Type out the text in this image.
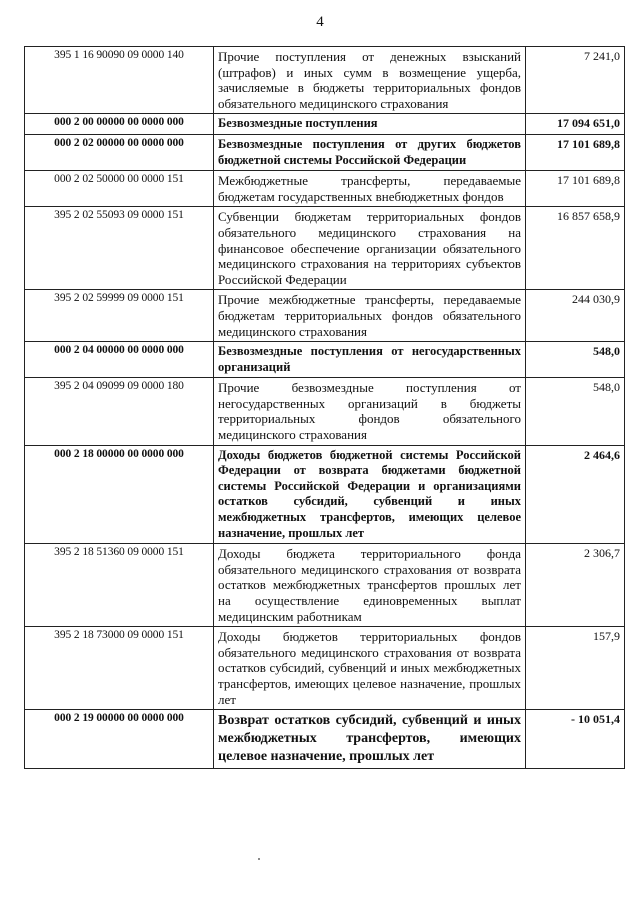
4
395 1 16 90090 09 0000 140	Прочие поступления от денежных взысканий (штрафов) и иных сумм в возмещение ущерба, зачисляемые в бюджеты территориальных фондов обязательного медицинского страхования	7 241,0
000 2 00 00000 00 0000 000	Безвозмездные поступления	17 094 651,0
000 2 02 00000 00 0000 000	Безвозмездные поступления от других бюджетов бюджетной системы Российской Федерации	17 101 689,8
000 2 02 50000 00 0000 151	Межбюджетные трансферты, передаваемые бюджетам государственных внебюджетных фондов	17 101 689,8
395 2 02 55093 09 0000 151	Субвенции бюджетам территориальных фондов обязательного медицинского страхования на финансовое обеспечение организации обязательного медицинского страхования на территориях субъектов Российской Федерации	16 857 658,9
395 2 02 59999 09 0000 151	Прочие межбюджетные трансферты, передаваемые бюджетам территориальных фондов обязательного медицинского страхования	244 030,9
000 2 04 00000 00 0000 000	Безвозмездные поступления от негосударственных организаций	548,0
395 2 04 09099 09 0000 180	Прочие безвозмездные поступления от негосударственных организаций в бюджеты территориальных фондов обязательного медицинского страхования	548,0
000 2 18 00000 00 0000 000	Доходы бюджетов бюджетной системы Российской Федерации от возврата бюджетами бюджетной системы Российской Федерации и организациями остатков субсидий, субвенций и иных межбюджетных трансфертов, имеющих целевое назначение, прошлых лет	2 464,6
395 2 18 51360 09 0000 151	Доходы бюджета территориального фонда обязательного медицинского страхования от возврата остатков межбюджетных трансфертов прошлых лет на осуществление единовременных выплат медицинским работникам	2 306,7
395 2 18 73000 09 0000 151	Доходы бюджетов территориальных фондов обязательного медицинского страхования от возврата остатков субсидий, субвенций и иных межбюджетных трансфертов, имеющих целевое назначение, прошлых лет	157,9
000 2 19 00000 00 0000 000	Возврат остатков субсидий, субвенций и иных межбюджетных трансфертов, имеющих целевое назначение, прошлых лет	- 10 051,4
